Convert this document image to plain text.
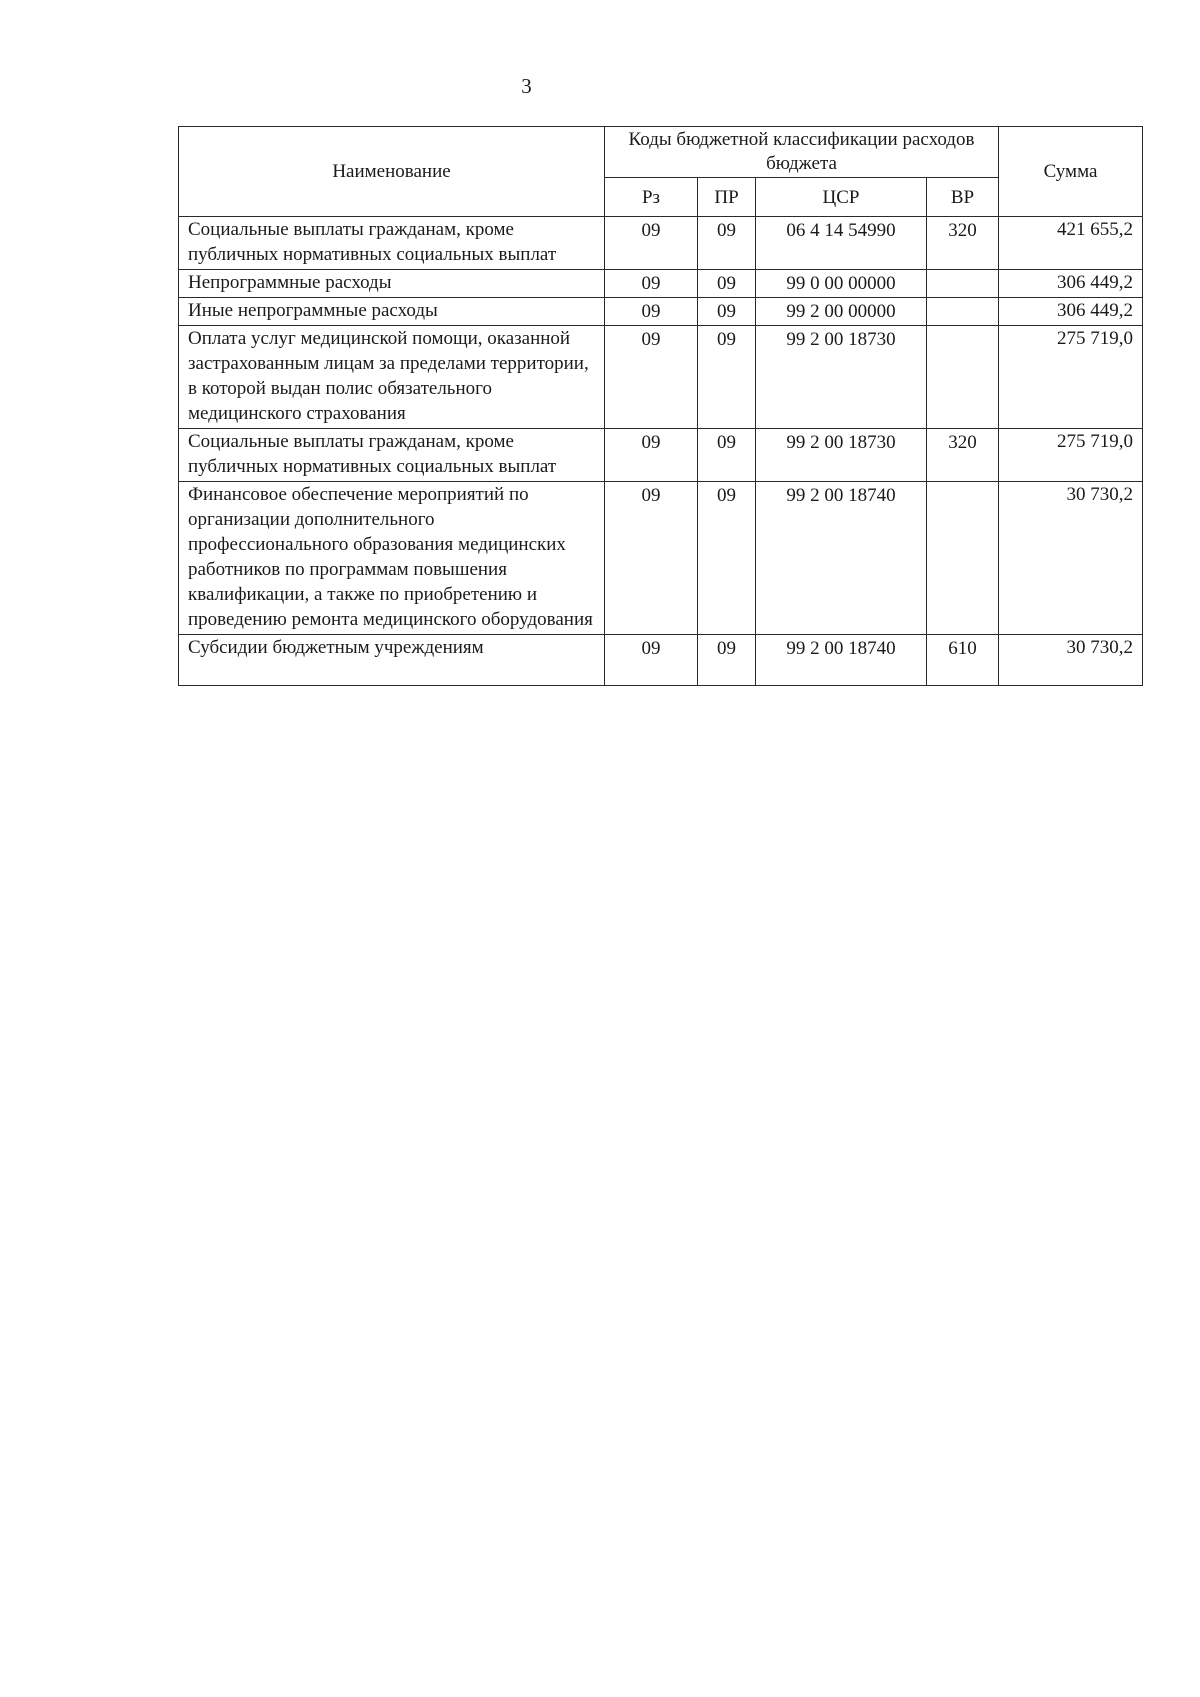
3
Наименование	Коды бюджетной классификации расходов бюджета				Сумма
	Рз	ПР	ЦСР	ВР	
Социальные выплаты гражданам, кроме публичных нормативных социальных выплат	09	09	06 4 14 54990	320	421 655,2
Непрограммные расходы	09	09	99 0 00 00000		306 449,2
Иные непрограммные расходы	09	09	99 2 00 00000		306 449,2
Оплата услуг медицинской помощи, оказанной застрахованным лицам за пределами территории, в которой выдан полис обязательного медицинского страхования	09	09	99 2 00 18730		275 719,0
Социальные выплаты гражданам, кроме публичных нормативных социальных выплат	09	09	99 2 00 18730	320	275 719,0
Финансовое обеспечение мероприятий по организации дополнительного профессионального образования медицинских работников по программам повышения квалификации, а также по приобретению и проведению ремонта медицинского оборудования	09	09	99 2 00 18740		30 730,2
Субсидии бюджетным учреждениям	09	09	99 2 00 18740	610	30 730,2
